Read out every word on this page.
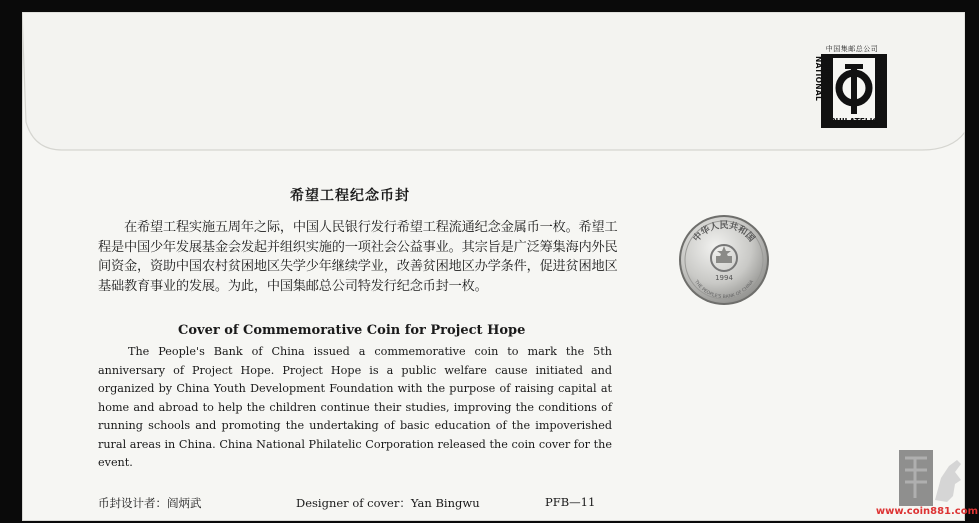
中国集邮总公司
CHINA NATIONAL	CORPORATION
PHILATELIC
希望工程纪念币封
在希望工程实施五周年之际，中国人民银行发行希望工程流通纪念金属币一枚。希望工程是中国少年发展基金会发起并组织实施的一项社会公益事业。其宗旨是广泛筹集海内外民间资金，资助中国农村贫困地区失学少年继续学业，改善贫困地区办学条件，促进贫困地区基础教育事业的发展。为此，中国集邮总公司特发行纪念币封一枚。
Cover of Commemorative Coin for Project Hope
The People's Bank of China issued a commemorative coin to mark the 5th anniversary of Project Hope. Project Hope is a public welfare cause initiated and organized by China Youth Development Foundation with the purpose of raising capital at home and abroad to help the children continue their studies, improving the conditions of running schools and promoting the undertaking of basic education of the impoverished rural areas in China. China National Philatelic Corporation released the coin cover for the event.
币封设计者：阎炳武	Designer of cover：Yan Bingwu	PFB—11
中华人民共和国
1994
THE PEOPLE'S BANK OF CHINA
www.coin881.com
